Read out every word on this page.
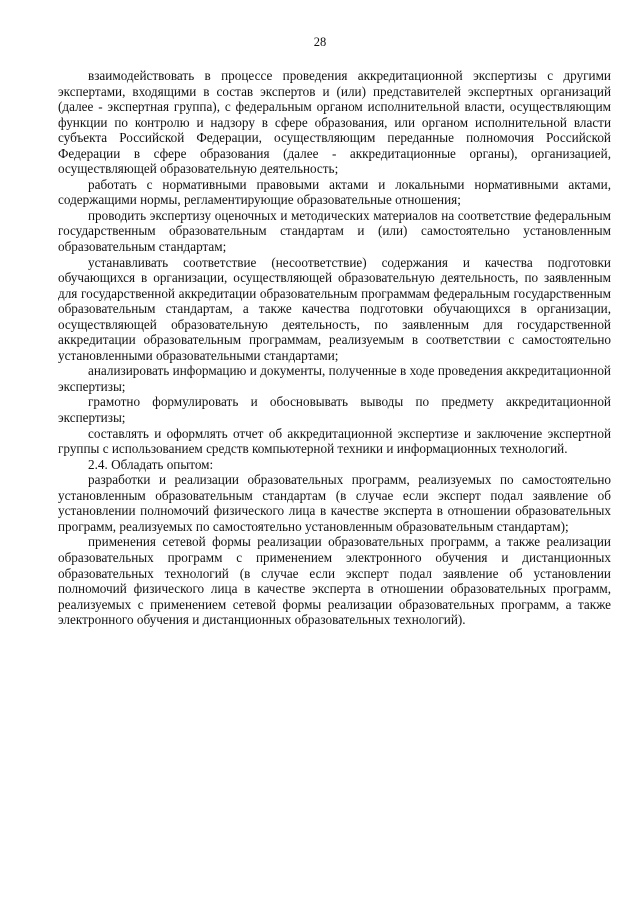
28

взаимодействовать в процессе проведения аккредитационной экспертизы с другими экспертами, входящими в состав экспертов и (или) представителей экспертных организаций (далее - экспертная группа), с федеральным органом исполнительной власти, осуществляющим функции по контролю и надзору в сфере образования, или органом исполнительной власти субъекта Российской Федерации, осуществляющим переданные полномочия Российской Федерации в сфере образования (далее - аккредитационные органы), организацией, осуществляющей образовательную деятельность;

работать с нормативными правовыми актами и локальными нормативными актами, содержащими нормы, регламентирующие образовательные отношения;

проводить экспертизу оценочных и методических материалов на соответствие федеральным государственным образовательным стандартам и (или) самостоятельно установленным образовательным стандартам;

устанавливать соответствие (несоответствие) содержания и качества подготовки обучающихся в организации, осуществляющей образовательную деятельность, по заявленным для государственной аккредитации образовательным программам федеральным государственным образовательным стандартам, а также качества подготовки обучающихся в организации, осуществляющей образовательную деятельность, по заявленным для государственной аккредитации образовательным программам, реализуемым в соответствии с самостоятельно установленными образовательными стандартами;

анализировать информацию и документы, полученные в ходе проведения аккредитационной экспертизы;

грамотно формулировать и обосновывать выводы по предмету аккредитационной экспертизы;

составлять и оформлять отчет об аккредитационной экспертизе и заключение экспертной группы с использованием средств компьютерной техники и информационных технологий.

2.4. Обладать опытом:

разработки и реализации образовательных программ, реализуемых по самостоятельно установленным образовательным стандартам (в случае если эксперт подал заявление об установлении полномочий физического лица в качестве эксперта в отношении образовательных программ, реализуемых по самостоятельно установленным образовательным стандартам);

применения сетевой формы реализации образовательных программ, а также реализации образовательных программ с применением электронного обучения и дистанционных образовательных технологий (в случае если эксперт подал заявление об установлении полномочий физического лица в качестве эксперта в отношении образовательных программ, реализуемых с применением сетевой формы реализации образовательных программ, а также электронного обучения и дистанционных образовательных технологий).
